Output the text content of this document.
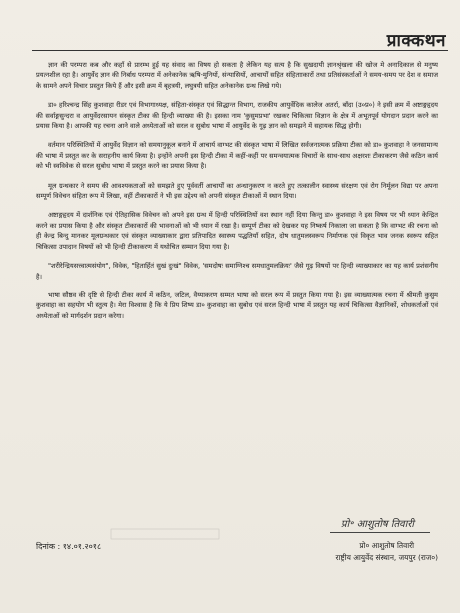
प्राक्कथन

ज्ञान की परम्परा कब और कहाँ से प्रारम्भ हुई यह संवाद का विषय हो सकता है लेकिन यह सत्य है कि सुखदायी ज्ञानश्रृंखला की खोज मे अनादिकाल से मनुष्य प्रयत्नशील रहा है। आयुर्वेद ज्ञान की निर्बाध परम्परा में अनेकानेक ऋषि-मुनियों, संन्यासियों, आचार्यों सहित संहितााकारों तथा प्रतिसंस्कर्ताओं ने समय-समय पर देश व समाज के सामने अपने विचार प्रस्तुत किये हैं और इसी क्रम में बृहत्रयी, लघुत्रयी सहित अनेकानेक ग्रन्थ लिखे गये।

डा० हरिश्चन्द्र सिंह कुशवाहा रीडर एवं विभागाध्यक्ष, संहिता-संस्कृत एवं सिद्धान्त विभाग, राजकीय आयुर्वेदिक कालेज अतर्रा, बाँदा (उ०प्र०) ने इसी क्रम में अष्टाङ्गहृदय की सर्वाङ्गसुन्दरा व आयुर्वेदरसायन संस्कृत टीका की हिन्दी व्याख्या की है। इसका नाम 'कुसुमप्रभा' रखकर चिकित्सा विज्ञान के क्षेत्र में अभूतपूर्व योगदान प्रदान करने का प्रयास किया है। आपकी यह रचना आने वाले अध्येताओं को सरल व सुबोध भाषा में आयुर्वेद के गूढ़ ज्ञान को समझने में सहायक सिद्ध होगी।

वर्तमान परिस्थितियों में आयुर्वेद विज्ञान को समयानुकूल बनाने में आचार्य वाग्भट की संस्कृत भाषा में लिखित सर्वजनात्मक प्रक्रिया टीका को डा० कुशवाहा ने जनसामान्य की भाषा में प्रस्तुत कर के सराहनीय कार्य किया है। इन्होंने अपनी इस हिन्दी टीका में कहीं-कहीं पर समन्वयात्मक विचारों के साथ-साथ अक्षरशः टीकाकरण जैसे कठिन कार्य को भी स्वविवेक से सरल सुबोध भाषा में प्रस्तुत करने का प्रयास किया है।

मूल ग्रन्थकार ने समय की आवश्यकताओं को समझते हुए पूर्ववर्ती आचार्यों का अन्धानुकरण न करते हुए तत्कालीन स्वास्थ्य संरक्षण एवं रोग निर्मूलन विद्या पर अपना सम्पूर्ण विवेचन संहिता रूप में लिखा, वहीं टीकाकारों ने भी इस उद्देश्य को अपनी संस्कृत टीकाओं में स्थान दिया।

अष्टाङ्गहृदय में दार्शनिक एवं ऐतिहासिक विवेचन को अपने इस ग्रन्थ में हिन्दी परिस्थितियों वश स्थान नहीं दिया किन्तु डा० कुशवाहा ने इस विषय पर भी ध्यान केन्द्रित करने का प्रयास किया है और संस्कृत टीकाकारों की भावनाओं को भी ध्यान में रखा है। सम्पूर्ण टीका को देखकर यह निष्कर्ष निकाला जा सकता है कि वाग्भट की रचना को ही केन्द्र बिन्दु मानकर मूलग्रन्थकार एवं संस्कृत व्याख्याकार द्वारा प्रतिपादित स्वास्थ्य पद्धतियाँ सहित, दोष धातुमलस्वरूप निर्माणक एवं विकृत भाव जनक स्वरूप सहित चिकित्सा उपादान विषयों को भी हिन्दी टीकाकरण में यथोचित सम्मान दिया गया है।

"शरीरेन्द्रियसत्त्वात्मसंयोग", विवेक, "हितार्हितं सुखं दुःखं" विवेक, 'समदोषः समाग्निश्च समधातुमलक्रियः' जैसे गूढ़ विषयों पर हिन्दी व्याख्याकार का यह कार्य प्रशंसनीय है।

भाषा सौष्ठव की दृष्टि से हिन्दी टीका कार्य में कठिन, जटिल, वैय्याकरण सम्मत भाषा को सरल रूप में प्रस्तुत किया गया है। इस व्याख्यात्मक रचना में श्रीमती कुसुम कुशवाहा का सहयोग भी स्तुत्य है। मेरा विश्वास है कि ये प्रिय शिष्य डा० कुशवाहा का सुबोध एवं सरल हिन्दी भाषा में प्रस्तुत यह कार्य चिकित्सा वैज्ञानिकों, शोधकर्ताओं एवं अध्येताओं को मार्गदर्शन प्रदान करेगा।

प्रो॰ आशुतोष तिवारी
दिनांक : १४.०१.२०१८	प्रो० आशुतोष तिवारी
राष्ट्रीय आयुर्वेद संस्थान, जयपुर (राज०)
